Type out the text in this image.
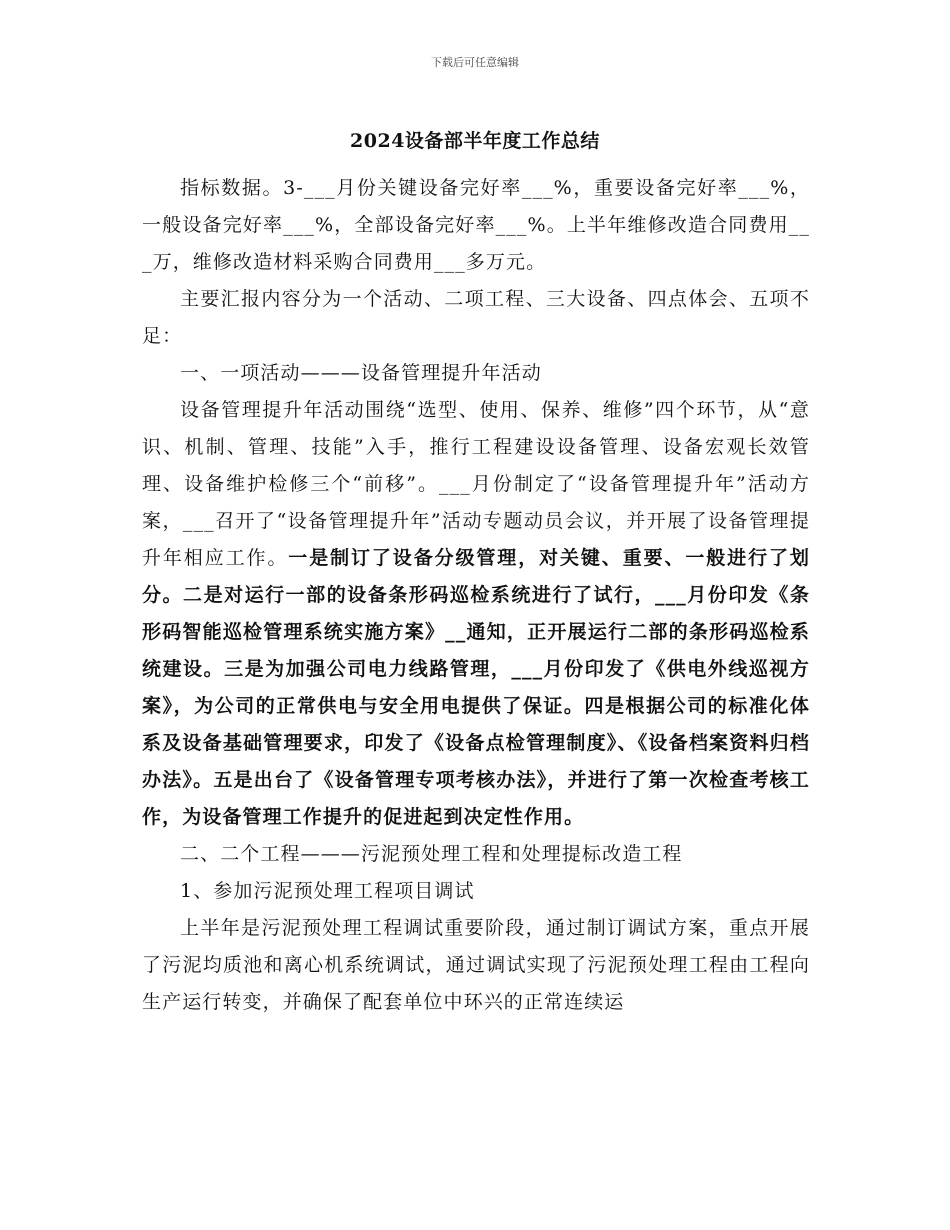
下载后可任意编辑
2024设备部半年度工作总结

指标数据。3-___月份关键设备完好率___%，重要设备完好率___%，一般设备完好率___%，全部设备完好率___%。上半年维修改造合同费用___万，维修改造材料采购合同费用___多万元。

主要汇报内容分为一个活动、二项工程、三大设备、四点体会、五项不足：

一、一项活动———设备管理提升年活动

设备管理提升年活动围绕“选型、使用、保养、维修”四个环节，从“意识、机制、管理、技能”入手，推行工程建设设备管理、设备宏观长效管理、设备维护检修三个“前移”。___月份制定了“设备管理提升年”活动方案，___召开了“设备管理提升年”活动专题动员会议，并开展了设备管理提升年相应工作。一是制订了设备分级管理，对关键、重要、一般进行了划分。二是对运行一部的设备条形码巡检系统进行了试行，___月份印发《条形码智能巡检管理系统实施方案》__通知，正开展运行二部的条形码巡检系统建设。三是为加强公司电力线路管理，___月份印发了《供电外线巡视方案》，为公司的正常供电与安全用电提供了保证。四是根据公司的标准化体系及设备基础管理要求，印发了《设备点检管理制度》、《设备档案资料归档办法》。五是出台了《设备管理专项考核办法》，并进行了第一次检查考核工作，为设备管理工作提升的促进起到决定性作用。

二、二个工程———污泥预处理工程和处理提标改造工程

1、参加污泥预处理工程项目调试

上半年是污泥预处理工程调试重要阶段，通过制订调试方案，重点开展了污泥均质池和离心机系统调试，通过调试实现了污泥预处理工程由工程向生产运行转变，并确保了配套单位中环兴的正常连续运
